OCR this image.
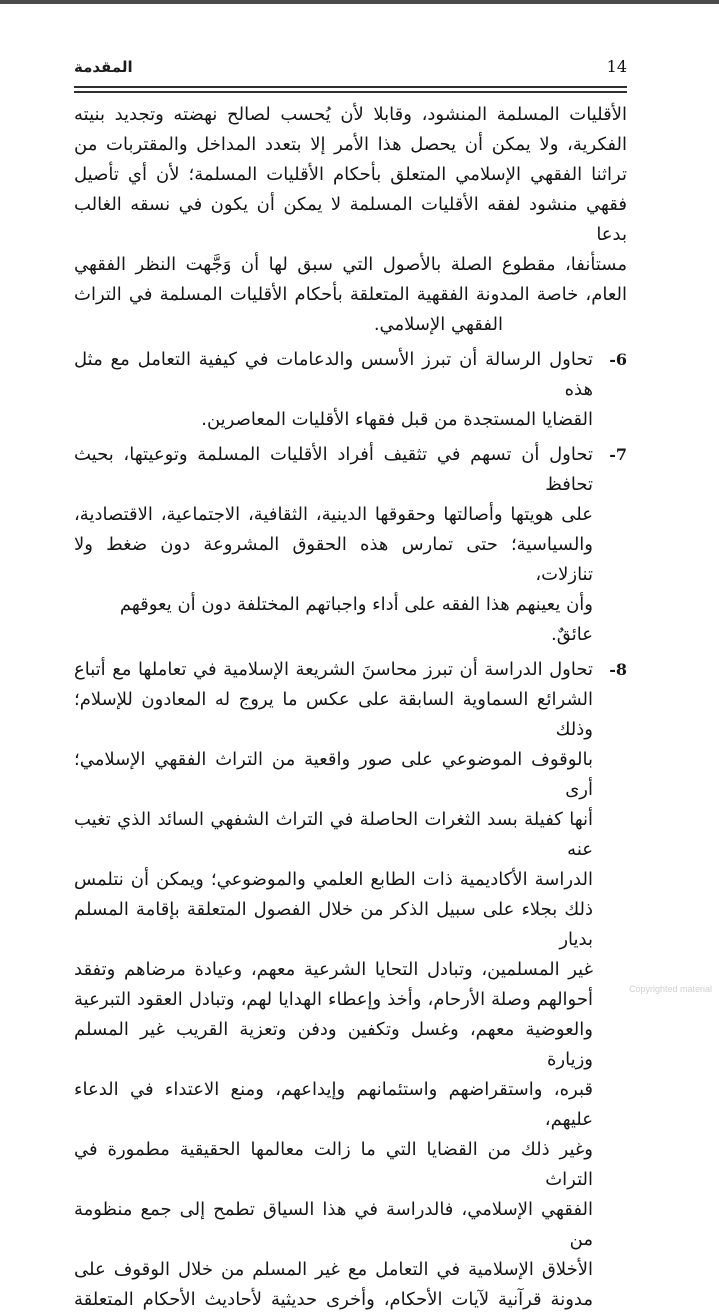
المقدمة	14
الأقليات المسلمة المنشود، وقابلا لأن يُحسب لصالح نهضته وتجديد بنيته
الفكرية، ولا يمكن أن يحصل هذا الأمر إلا بتعدد المداخل والمقتربات من
تراثنا الفقهي الإسلامي المتعلق بأحكام الأقليات المسلمة؛ لأن أي تأصيل
فقهي منشود لفقه الأقليات المسلمة لا يمكن أن يكون في نسقه الغالب بدعا
مستأنفا، مقطوع الصلة بالأصول التي سبق لها أن وَجَّهت النظر الفقهي
العام، خاصة المدونة الفقهية المتعلقة بأحكام الأقليات المسلمة في التراث
الفقهي الإسلامي.
6-
تحاول الرسالة أن تبرز الأسس والدعامات في كيفية التعامل مع مثل هذه
القضايا المستجدة من قبل فقهاء الأقليات المعاصرين.
7-
تحاول أن تسهم في تثقيف أفراد الأقليات المسلمة وتوعيتها، بحيث تحافظ
على هويتها وأصالتها وحقوقها الدينية، الثقافية، الاجتماعية، الاقتصادية،
والسياسية؛ حتى تمارس هذه الحقوق المشروعة دون ضغط ولا تنازلات،
وأن يعينهم هذا الفقه على أداء واجباتهم المختلفة دون أن يعوقهم عائقٌ.
8-
تحاول الدراسة أن تبرز محاسنَ الشريعة الإسلامية في تعاملها مع أتباع
الشرائع السماوية السابقة على عكس ما يروج له المعادون للإسلام؛ وذلك
بالوقوف الموضوعي على صور واقعية من التراث الفقهي الإسلامي؛ أرى
أنها كفيلة بسد الثغرات الحاصلة في التراث الشفهي السائد الذي تغيب عنه
الدراسة الأكاديمية ذات الطابع العلمي والموضوعي؛ ويمكن أن نتلمس
ذلك بجلاء على سبيل الذكر من خلال الفصول المتعلقة بإقامة المسلم بديار
غير المسلمين، وتبادل التحايا الشرعية معهم، وعيادة مرضاهم وتفقد
أحوالهم وصلة الأرحام، وأخذ وإعطاء الهدايا لهم، وتبادل العقود التبرعية
والعوضية معهم، وغسل وتكفين ودفن وتعزية القريب غير المسلم وزيارة
قبره، واستقراضهم واستئمانهم وإيداعهم، ومنع الاعتداء في الدعاء عليهم،
وغير ذلك من القضايا التي ما زالت معالمها الحقيقية مطمورة في التراث
الفقهي الإسلامي، فالدراسة في هذا السياق تطمح إلى جمع منظومة من
الأخلاق الإسلامية في التعامل مع غير المسلم من خلال الوقوف على
مدونة قرآنية لآيات الأحكام، وأخرى حديثية لأحاديث الأحكام المتعلقة
Copyrighted material
